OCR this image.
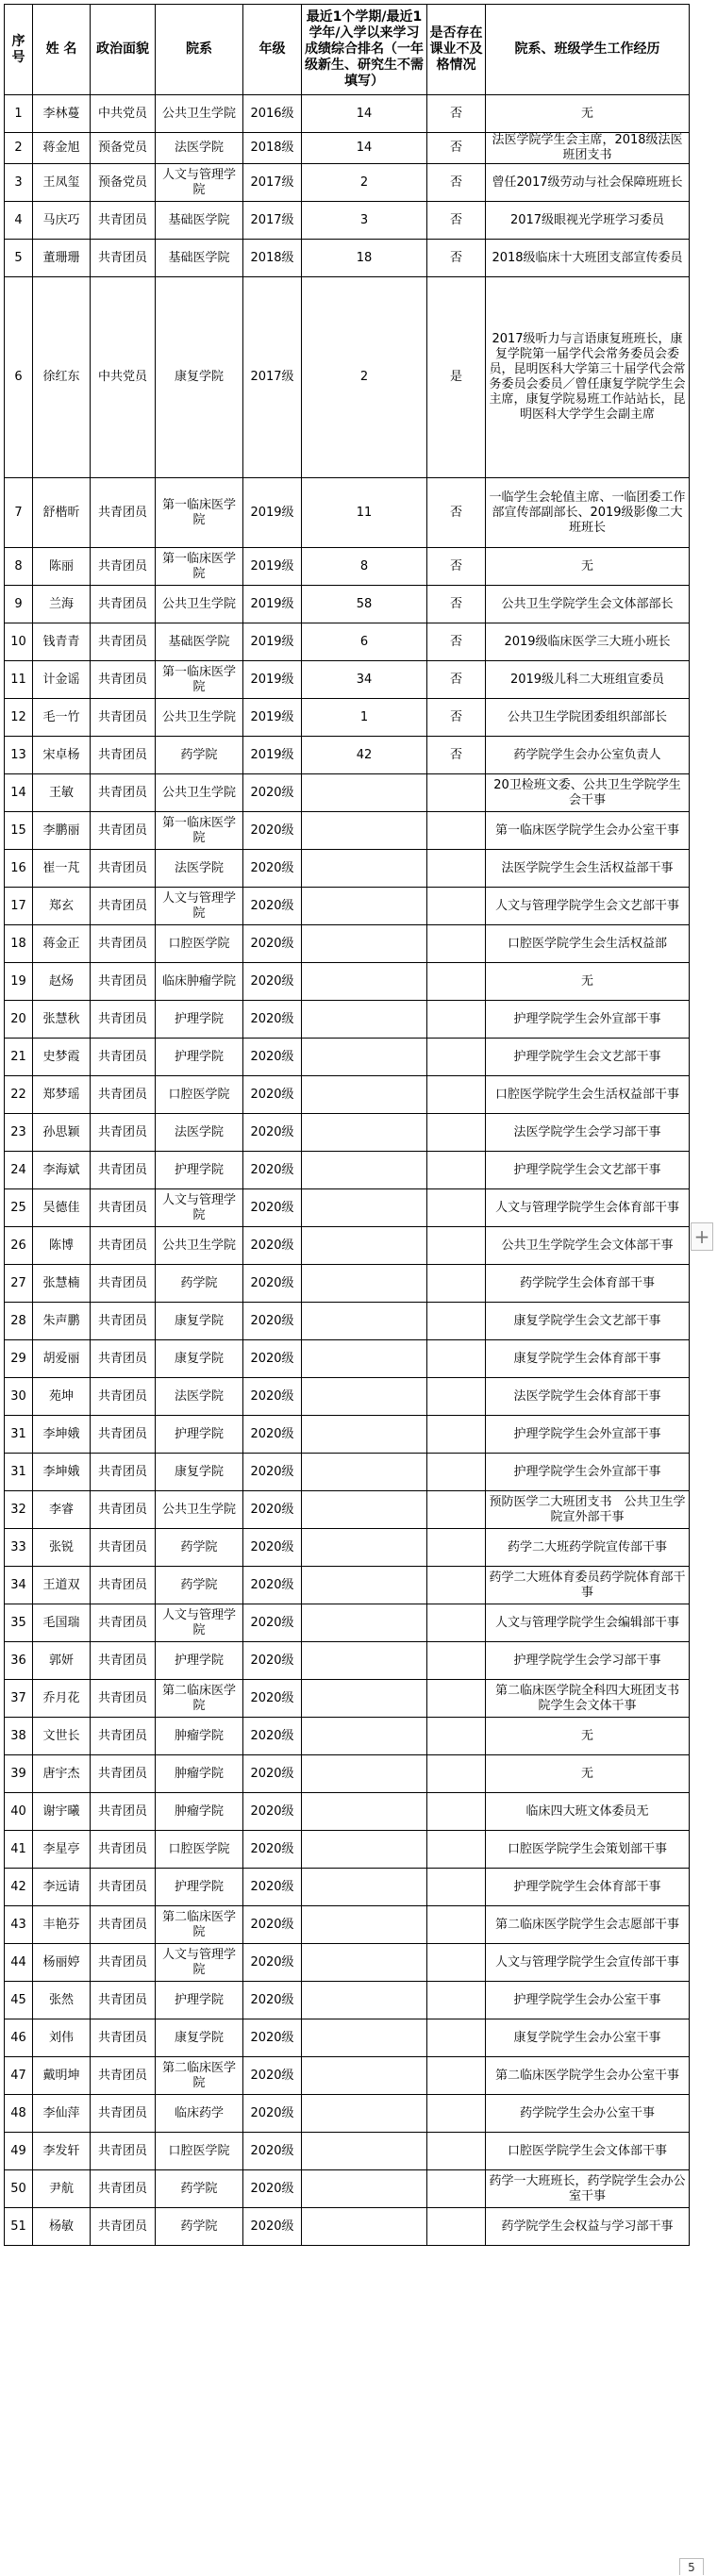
序号	姓 名	政治面貌	院系	年级	最近1个学期/最近1学年/入学以来学习成绩综合排名（一年级新生、研究生不需填写）	是否存在课业不及格情况	院系、班级学生工作经历
1	李林蔓	中共党员	公共卫生学院	2016级	14	否	无
2	蒋金旭	预备党员	法医学院	2018级	14	否	法医学院学生会主席，2018级法医班团支书
3	王凤玺	预备党员	人文与管理学院	2017级	2	否	曾任2017级劳动与社会保障班班长
4	马庆巧	共青团员	基础医学院	2017级	3	否	2017级眼视光学班学习委员
5	董珊珊	共青团员	基础医学院	2018级	18	否	2018级临床十大班团支部宣传委员
6	徐红东	中共党员	康复学院	2017级	2	是	2017级听力与言语康复班班长，康复学院第一届学代会常务委员会委员，昆明医科大学第三十届学代会常务委员会委员／曾任康复学院学生会主席，康复学院易班工作站站长，昆明医科大学学生会副主席
7	舒楷昕	共青团员	第一临床医学院	2019级	11	否	一临学生会轮值主席、一临团委工作部宣传部副部长、2019级影像二大班班长
8	陈丽	共青团员	第一临床医学院	2019级	8	否	无
9	兰海	共青团员	公共卫生学院	2019级	58	否	公共卫生学院学生会文体部部长
10	钱青青	共青团员	基础医学院	2019级	6	否	2019级临床医学三大班小班长
11	计金谣	共青团员	第一临床医学院	2019级	34	否	2019级儿科二大班组宣委员
12	毛一竹	共青团员	公共卫生学院	2019级	1	否	公共卫生学院团委组织部部长
13	宋卓杨	共青团员	药学院	2019级	42	否	药学院学生会办公室负责人
14	王敏	共青团员	公共卫生学院	2020级			20卫检班文委、公共卫生学院学生会干事
15	李鹏丽	共青团员	第一临床医学院	2020级			第一临床医学院学生会办公室干事
16	崔一芃	共青团员	法医学院	2020级			法医学院学生会生活权益部干事
17	郑玄	共青团员	人文与管理学院	2020级			人文与管理学院学生会文艺部干事
18	蒋金正	共青团员	口腔医学院	2020级			口腔医学院学生会生活权益部
19	赵炀	共青团员	临床肿瘤学院	2020级			无
20	张慧秋	共青团员	护理学院	2020级			护理学院学生会外宣部干事
21	史梦霞	共青团员	护理学院	2020级			护理学院学生会文艺部干事
22	郑梦瑶	共青团员	口腔医学院	2020级			口腔医学院学生会生活权益部干事
23	孙思颖	共青团员	法医学院	2020级			法医学院学生会学习部干事
24	李海斌	共青团员	护理学院	2020级			护理学院学生会文艺部干事
25	吴德佳	共青团员	人文与管理学院	2020级			人文与管理学院学生会体育部干事
26	陈博	共青团员	公共卫生学院	2020级			公共卫生学院学生会文体部干事
27	张慧楠	共青团员	药学院	2020级			药学院学生会体育部干事
28	朱声鹏	共青团员	康复学院	2020级			康复学院学生会文艺部干事
29	胡爱丽	共青团员	康复学院	2020级			康复学院学生会体育部干事
30	苑坤	共青团员	法医学院	2020级			法医学院学生会体育部干事
31	李坤娥	共青团员	护理学院	2020级			护理学院学生会外宣部干事
31	李坤娥	共青团员	康复学院	2020级			护理学院学生会外宣部干事
32	李睿	共青团员	公共卫生学院	2020级			预防医学二大班团支书　公共卫生学院宣外部干事
33	张锐	共青团员	药学院	2020级			药学二大班药学院宣传部干事
34	王道双	共青团员	药学院	2020级			药学二大班体育委员药学院体育部干事
35	毛国瑞	共青团员	人文与管理学院	2020级			人文与管理学院学生会编辑部干事
36	郭妍	共青团员	护理学院	2020级			护理学院学生会学习部干事
37	乔月花	共青团员	第二临床医学院	2020级			第二临床医学院全科四大班团支书　院学生会文体干事
38	文世长	共青团员	肿瘤学院	2020级			无
39	唐宇杰	共青团员	肿瘤学院	2020级			无
40	谢宇曦	共青团员	肿瘤学院	2020级			临床四大班文体委员无
41	李星亭	共青团员	口腔医学院	2020级			口腔医学院学生会策划部干事
42	李远请	共青团员	护理学院	2020级			护理学院学生会体育部干事
43	丰艳芬	共青团员	第二临床医学院	2020级			第二临床医学院学生会志愿部干事
44	杨丽婷	共青团员	人文与管理学院	2020级			人文与管理学院学生会宣传部干事
45	张然	共青团员	护理学院	2020级			护理学院学生会办公室干事
46	刘伟	共青团员	康复学院	2020级			康复学院学生会办公室干事
47	戴明坤	共青团员	第二临床医学院	2020级			第二临床医学院学生会办公室干事
48	李仙萍	共青团员	临床药学	2020级			药学院学生会办公室干事
49	李发轩	共青团员	口腔医学院	2020级			口腔医学院学生会文体部干事
50	尹航	共青团员	药学院	2020级			药学一大班班长，药学院学生会办公室干事
51	杨敏	共青团员	药学院	2020级			药学院学生会权益与学习部干事
+
5
